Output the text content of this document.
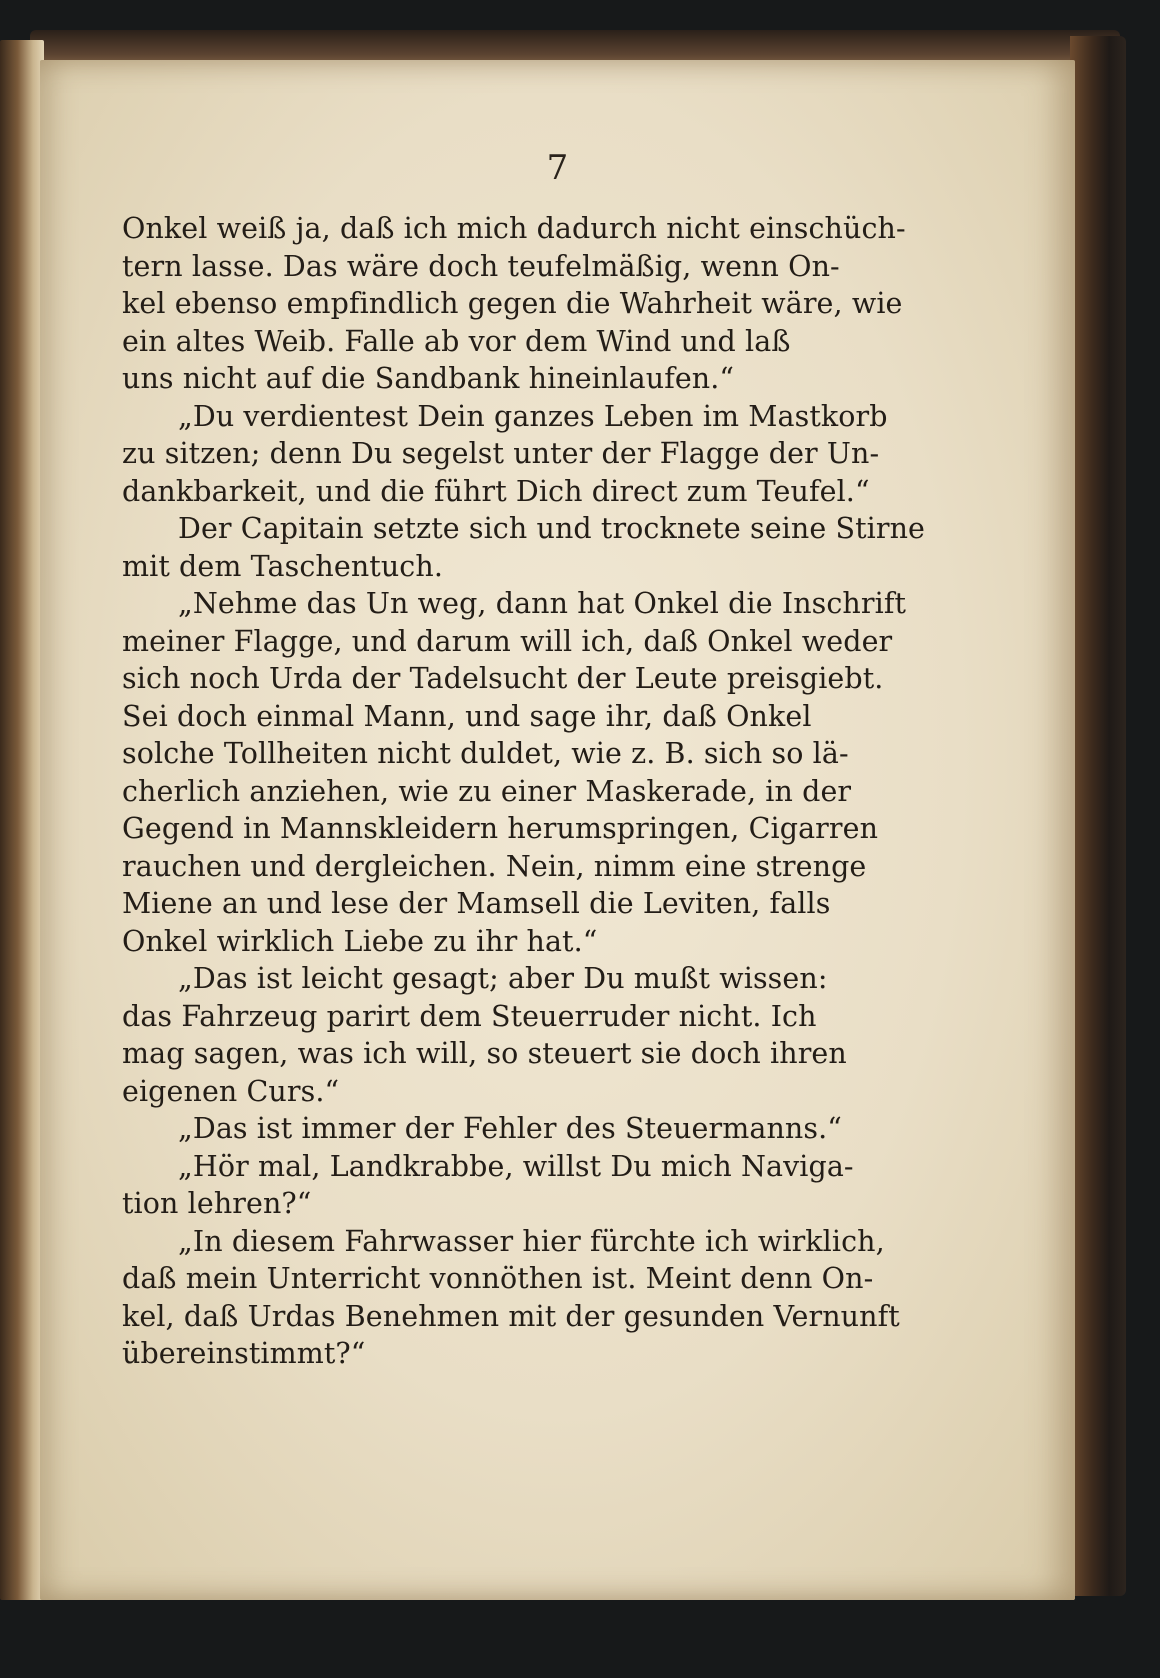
7
Onkel weiß ja, daß ich mich dadurch nicht einschüch-
tern lasse. Das wäre doch teufelmäßig, wenn On-
kel ebenso empfindlich gegen die Wahrheit wäre, wie
ein altes Weib. Falle ab vor dem Wind und laß
uns nicht auf die Sandbank hineinlaufen.“
„Du verdientest Dein ganzes Leben im Mastkorb
zu sitzen; denn Du segelst unter der Flagge der Un-
dankbarkeit, und die führt Dich direct zum Teufel.“
Der Capitain setzte sich und trocknete seine Stirne
mit dem Taschentuch.
„Nehme das Un weg, dann hat Onkel die Inschrift
meiner Flagge, und darum will ich, daß Onkel weder
sich noch Urda der Tadelsucht der Leute preisgiebt.
Sei doch einmal Mann, und sage ihr, daß Onkel
solche Tollheiten nicht duldet, wie z. B. sich so lä-
cherlich anziehen, wie zu einer Maskerade, in der
Gegend in Mannskleidern herumspringen, Cigarren
rauchen und dergleichen. Nein, nimm eine strenge
Miene an und lese der Mamsell die Leviten, falls
Onkel wirklich Liebe zu ihr hat.“
„Das ist leicht gesagt; aber Du mußt wissen:
das Fahrzeug parirt dem Steuerruder nicht. Ich
mag sagen, was ich will, so steuert sie doch ihren
eigenen Curs.“
„Das ist immer der Fehler des Steuermanns.“
„Hör mal, Landkrabbe, willst Du mich Naviga-
tion lehren?“
„In diesem Fahrwasser hier fürchte ich wirklich,
daß mein Unterricht vonnöthen ist. Meint denn On-
kel, daß Urdas Benehmen mit der gesunden Vernunft
übereinstimmt?“
